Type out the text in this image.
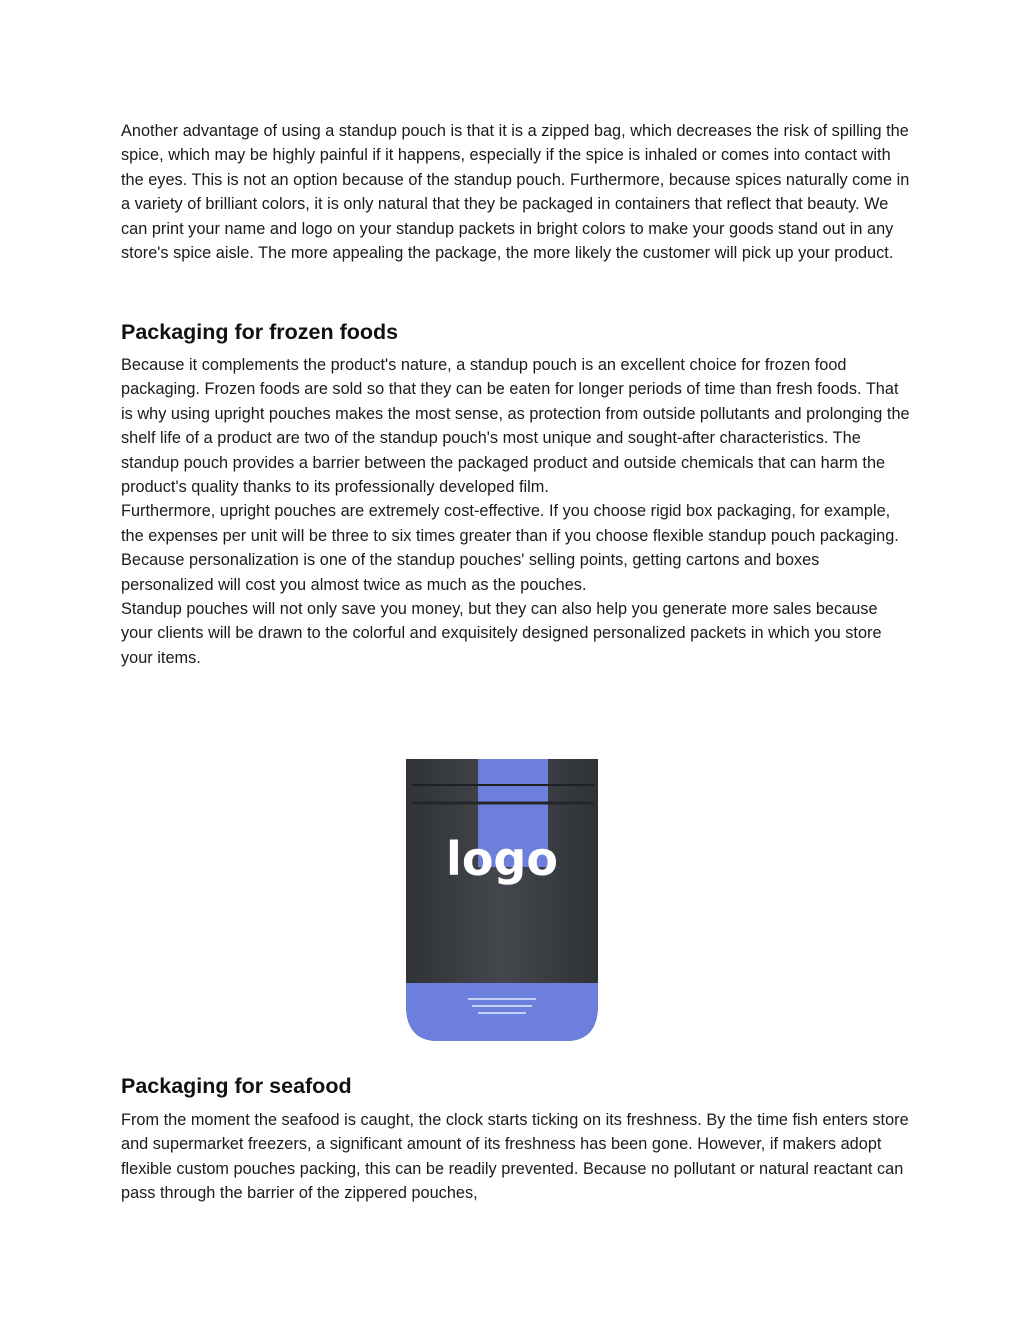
Another advantage of using a standup pouch is that it is a zipped bag, which decreases the risk of spilling the spice, which may be highly painful if it happens, especially if the spice is inhaled or comes into contact with the eyes. This is not an option because of the standup pouch. Furthermore, because spices naturally come in a variety of brilliant colors, it is only natural that they be packaged in containers that reflect that beauty. We can print your name and logo on your standup packets in bright colors to make your goods stand out in any store's spice aisle. The more appealing the package, the more likely the customer will pick up your product.

Packaging for frozen foods

Because it complements the product's nature, a standup pouch is an excellent choice for frozen food packaging. Frozen foods are sold so that they can be eaten for longer periods of time than fresh foods. That is why using upright pouches makes the most sense, as protection from outside pollutants and prolonging the shelf life of a product are two of the standup pouch's most unique and sought-after characteristics. The standup pouch provides a barrier between the packaged product and outside chemicals that can harm the product's quality thanks to its professionally developed film.

Furthermore, upright pouches are extremely cost-effective. If you choose rigid box packaging, for example, the expenses per unit will be three to six times greater than if you choose flexible standup pouch packaging. Because personalization is one of the standup pouches' selling points, getting cartons and boxes personalized will cost you almost twice as much as the pouches.

Standup pouches will not only save you money, but they can also help you generate more sales because your clients will be drawn to the colorful and exquisitely designed personalized packets in which you store your items.

logo
Packaging for seafood

From the moment the seafood is caught, the clock starts ticking on its freshness. By the time fish enters store and supermarket freezers, a significant amount of its freshness has been gone. However, if makers adopt flexible custom pouches packing, this can be readily prevented. Because no pollutant or natural reactant can pass through the barrier of the zippered pouches,
